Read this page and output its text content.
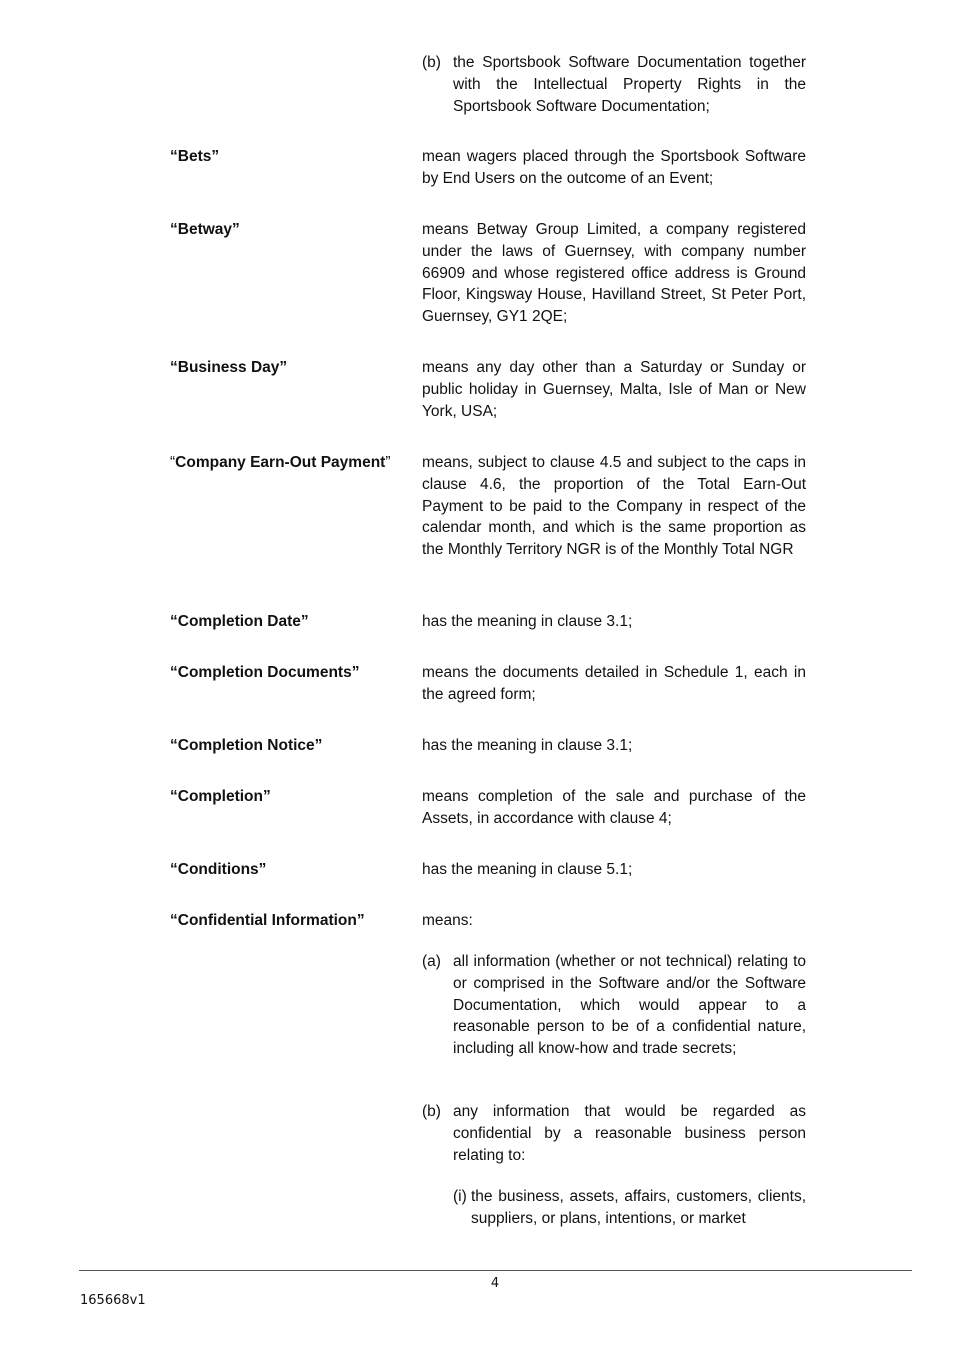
(b) the Sportsbook Software Documentation together with the Intellectual Property Rights in the Sportsbook Software Documentation;
“Bets”	mean wagers placed through the Sportsbook Software by End Users on the outcome of an Event;
“Betway”	means Betway Group Limited, a company registered under the laws of Guernsey, with company number 66909 and whose registered office address is Ground Floor, Kingsway House, Havilland Street, St Peter Port, Guernsey, GY1 2QE;
“Business Day”	means any day other than a Saturday or Sunday or public holiday in Guernsey, Malta, Isle of Man or New York, USA;
“Company Earn-Out Payment”	means, subject to clause 4.5 and subject to the caps in clause 4.6, the proportion of the Total Earn-Out Payment to be paid to the Company in respect of the calendar month, and which is the same proportion as the Monthly Territory NGR is of the Monthly Total NGR
“Completion Date”	has the meaning in clause 3.1;
“Completion Documents”	means the documents detailed in Schedule 1, each in the agreed form;
“Completion Notice”	has the meaning in clause 3.1;
“Completion”	means completion of the sale and purchase of the Assets, in accordance with clause 4;
“Conditions”	has the meaning in clause 5.1;
“Confidential Information”	means:
(a) all information (whether or not technical) relating to or comprised in the Software and/or the Software Documentation, which would appear to a reasonable person to be of a confidential nature, including all know-how and trade secrets;
(b) any information that would be regarded as confidential by a reasonable business person relating to:
(i) the business, assets, affairs, customers, clients, suppliers, or plans, intentions, or market
4
165668v1
